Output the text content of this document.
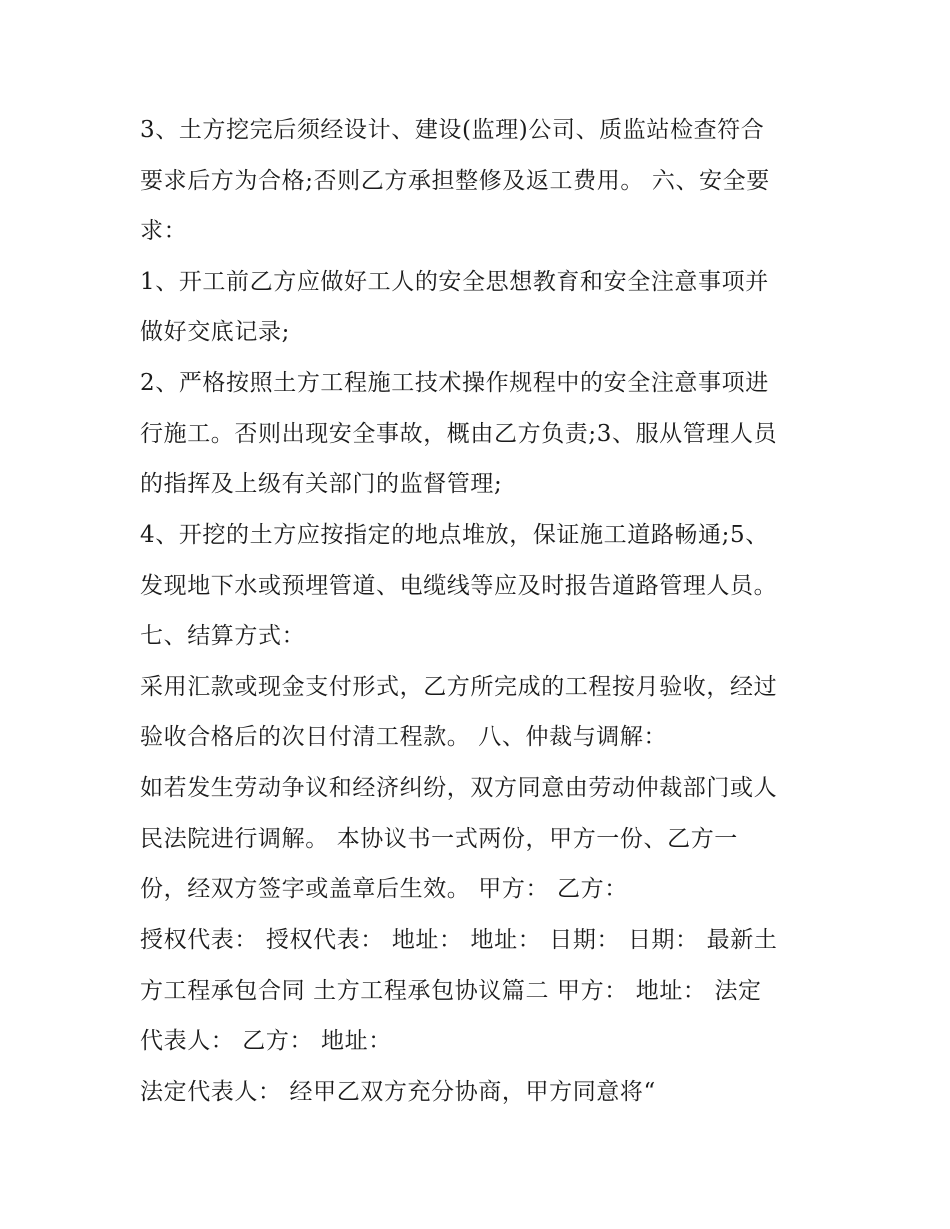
3、土方挖完后须经设计、建设(监理)公司、质监站检查符合
要求后方为合格;否则乙方承担整修及返工费用。 六、安全要
求：
1、开工前乙方应做好工人的安全思想教育和安全注意事项并
做好交底记录;
2、严格按照土方工程施工技术操作规程中的安全注意事项进
行施工。否则出现安全事故，概由乙方负责;3、服从管理人员
的指挥及上级有关部门的监督管理;
4、开挖的土方应按指定的地点堆放，保证施工道路畅通;5、
发现地下水或预埋管道、电缆线等应及时报告道路管理人员。
七、结算方式：
采用汇款或现金支付形式，乙方所完成的工程按月验收，经过
验收合格后的次日付清工程款。 八、仲裁与调解：
如若发生劳动争议和经济纠纷，双方同意由劳动仲裁部门或人
民法院进行调解。 本协议书一式两份，甲方一份、乙方一
份，经双方签字或盖章后生效。 甲方： 乙方：
授权代表： 授权代表： 地址： 地址： 日期： 日期： 最新土
方工程承包合同 土方工程承包协议篇二 甲方： 地址： 法定
代表人： 乙方： 地址：
法定代表人： 经甲乙双方充分协商，甲方同意将“
